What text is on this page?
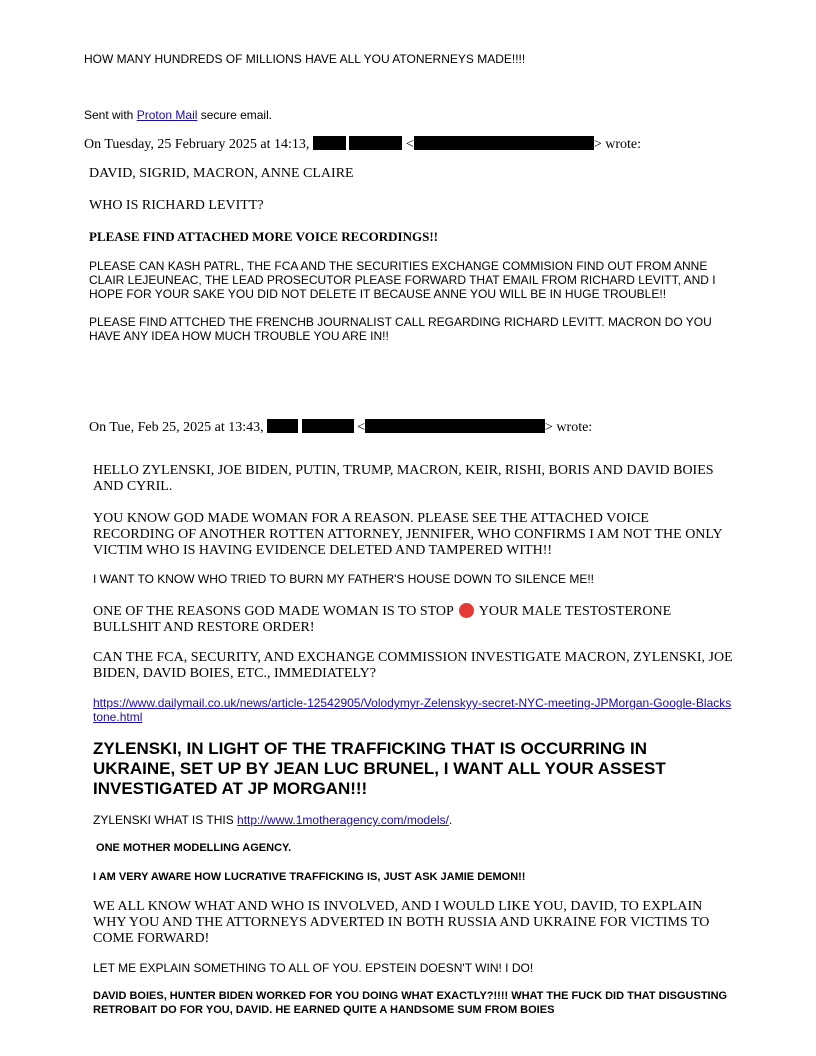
HOW MANY HUNDREDS OF MILLIONS HAVE ALL YOU ATONERNEYS MADE!!!!

Sent with Proton Mail secure email.

On Tuesday, 25 February 2025 at 14:13,	<	> wrote:

DAVID, SIGRID, MACRON, ANNE CLAIRE

WHO IS RICHARD LEVITT?

PLEASE FIND ATTACHED MORE VOICE RECORDINGS!!

PLEASE CAN KASH PATRL, THE FCA AND THE SECURITIES EXCHANGE COMMISION FIND OUT FROM ANNE CLAIR LEJEUNEAC, THE LEAD PROSECUTOR PLEASE FORWARD THAT EMAIL FROM RICHARD LEVITT, AND I HOPE FOR YOUR SAKE YOU DID NOT DELETE IT BECAUSE ANNE YOU WILL BE IN HUGE TROUBLE!!

PLEASE FIND ATTCHED THE FRENCHB JOURNALIST CALL REGARDING RICHARD LEVITT. MACRON DO YOU HAVE ANY IDEA HOW MUCH TROUBLE YOU ARE IN!!

On Tue, Feb 25, 2025 at 13:43,	<	> wrote:

HELLO ZYLENSKI, JOE BIDEN, PUTIN, TRUMP, MACRON, KEIR, RISHI, BORIS AND DAVID BOIES AND CYRIL.

YOU KNOW GOD MADE WOMAN FOR A REASON. PLEASE SEE THE ATTACHED VOICE RECORDING OF ANOTHER ROTTEN ATTORNEY, JENNIFER, WHO CONFIRMS I AM NOT THE ONLY VICTIM WHO IS HAVING EVIDENCE DELETED AND TAMPERED WITH!!

I WANT TO KNOW WHO TRIED TO BURN MY FATHER'S HOUSE DOWN TO SILENCE ME!!

ONE OF THE REASONS GOD MADE WOMAN IS TO STOP  YOUR MALE TESTOSTERONE BULLSHIT AND RESTORE ORDER!

CAN THE FCA, SECURITY, AND EXCHANGE COMMISSION INVESTIGATE MACRON, ZYLENSKI, JOE BIDEN, DAVID BOIES, ETC., IMMEDIATELY?

https://www.dailymail.co.uk/news/article-12542905/Volodymyr-Zelenskyy-secret-NYC-meeting-JPMorgan-Google-Blackstone.html

ZYLENSKI, IN LIGHT OF THE TRAFFICKING THAT IS OCCURRING IN UKRAINE, SET UP BY JEAN LUC BRUNEL, I WANT ALL YOUR ASSEST INVESTIGATED AT JP MORGAN!!!

ZYLENSKI WHAT IS THIS http://www.1motheragency.com/models/.

ONE MOTHER MODELLING AGENCY.

I AM VERY AWARE HOW LUCRATIVE TRAFFICKING IS, JUST ASK JAMIE DEMON!!

WE ALL KNOW WHAT AND WHO IS INVOLVED, AND I WOULD LIKE YOU, DAVID, TO EXPLAIN WHY YOU AND THE ATTORNEYS ADVERTED IN BOTH RUSSIA AND UKRAINE FOR VICTIMS TO COME FORWARD!

LET ME EXPLAIN SOMETHING TO ALL OF YOU. EPSTEIN DOESN'T WIN! I DO!

DAVID BOIES, HUNTER BIDEN WORKED FOR YOU DOING WHAT EXACTLY?!!!! WHAT THE FUCK DID THAT DISGUSTING RETROBAIT DO FOR YOU, DAVID. HE EARNED QUITE A HANDSOME SUM FROM BOIES
